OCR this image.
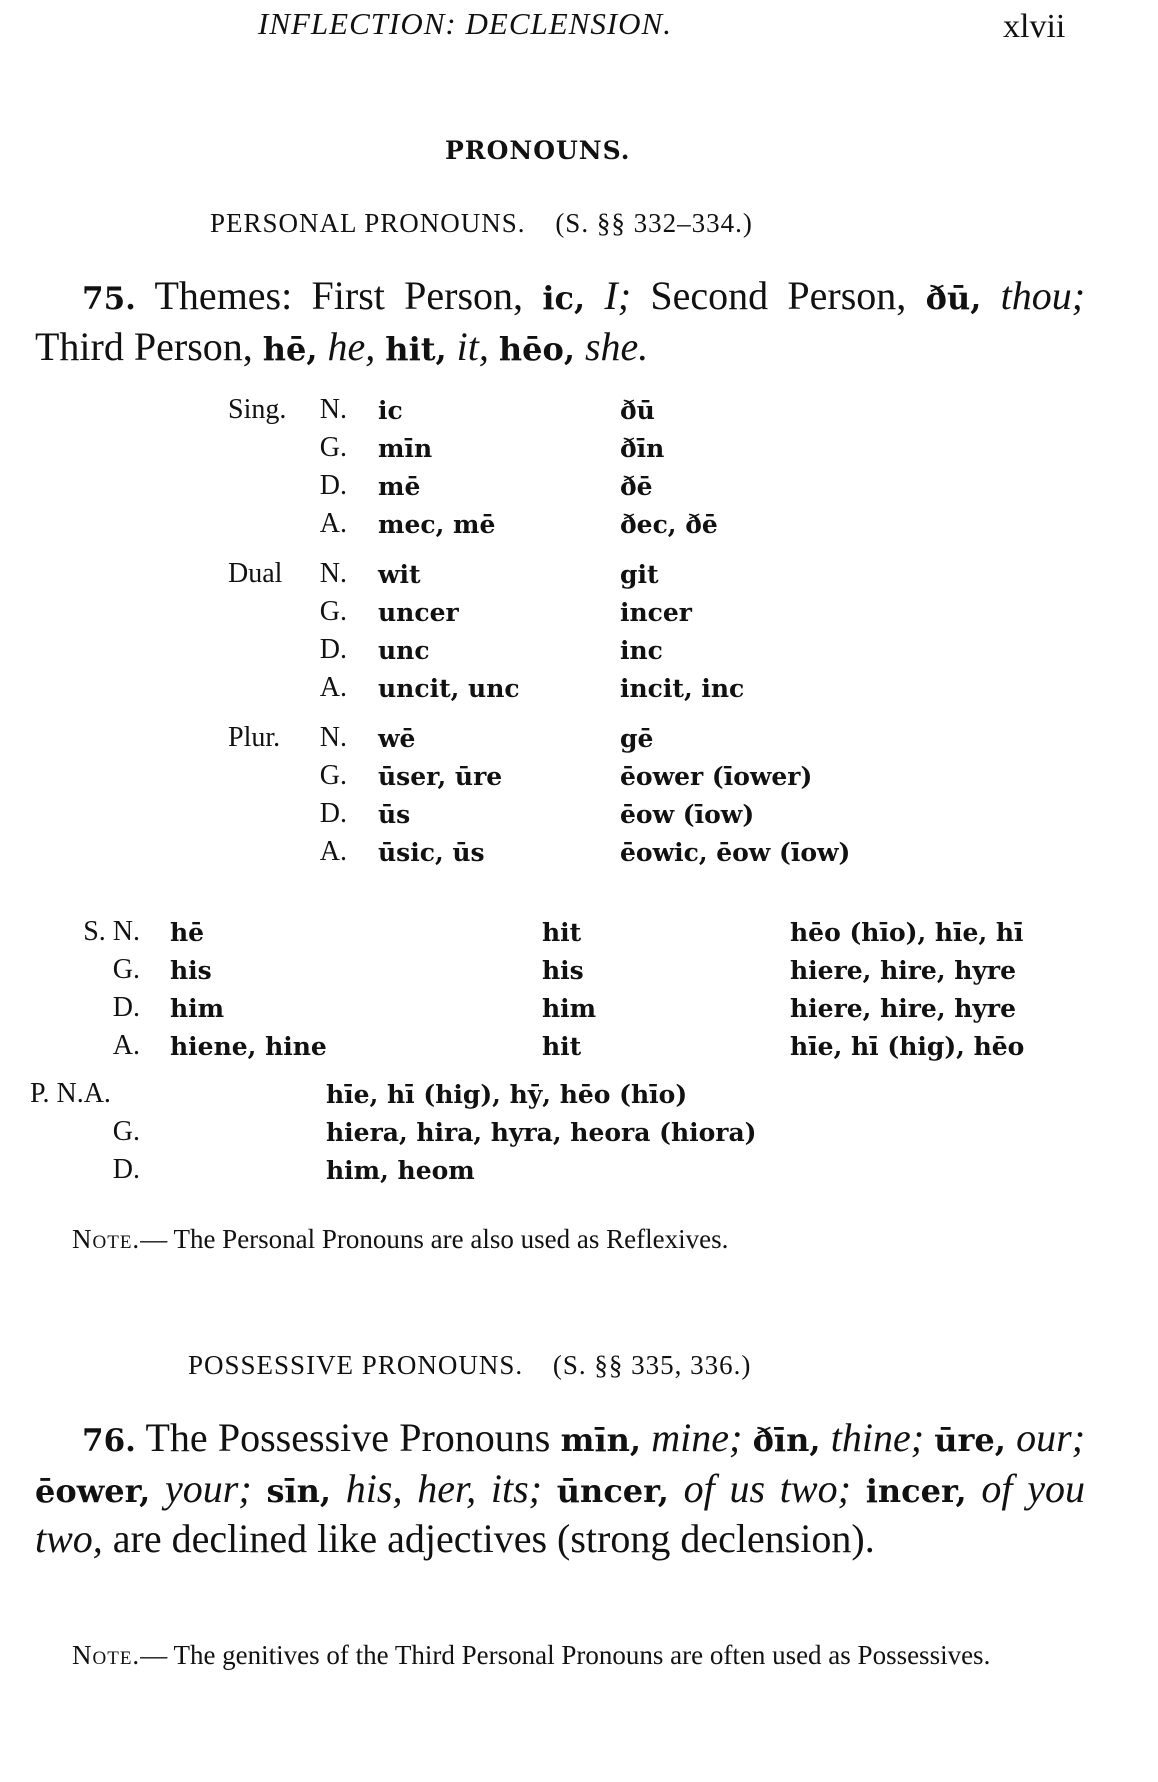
INFLECTION: DECLENSION.	xlvii
PRONOUNS.
PERSONAL PRONOUNS. (S. §§ 332–334.)
75. Themes: First Person, ic, I; Second Person, ðū, thou; Third Person, hē, he, hit, it, hēo, she.
Sing.	N. ic	ðū
G. mīn	ðīn
D. mē	ðē
A. mec, mē	ðec, ðē
Dual	N. wit	git
G. uncer	incer
D. unc	inc
A. uncit, unc	incit, inc
Plur.	N. wē	gē
G. ūser, ūre	ēower (īower)
D. ūs	ēow (īow)
A. ūsic, ūs	ēowic, ēow (īow)
S. N. hē	hit	hēo (hīo), hīe, hī
G. his	his	hiere, hire, hyre
D. him	him	hiere, hire, hyre
A. hiene, hine	hit	hīe, hī (hig), hēo
P. N.A.	hīe, hī (hig), hȳ, hēo (hīo)
G.	hiera, hira, hyra, heora (hiora)
D.	him, heom
Note.— The Personal Pronouns are also used as Reflexives.
POSSESSIVE PRONOUNS. (S. §§ 335, 336.)
76. The Possessive Pronouns mīn, mine; ðīn, thine; ūre, our; ēower, your; sīn, his, her, its; ūncer, of us two; incer, of you two, are declined like adjectives (strong declension).
Note.— The genitives of the Third Personal Pronouns are often used as Possessives.
